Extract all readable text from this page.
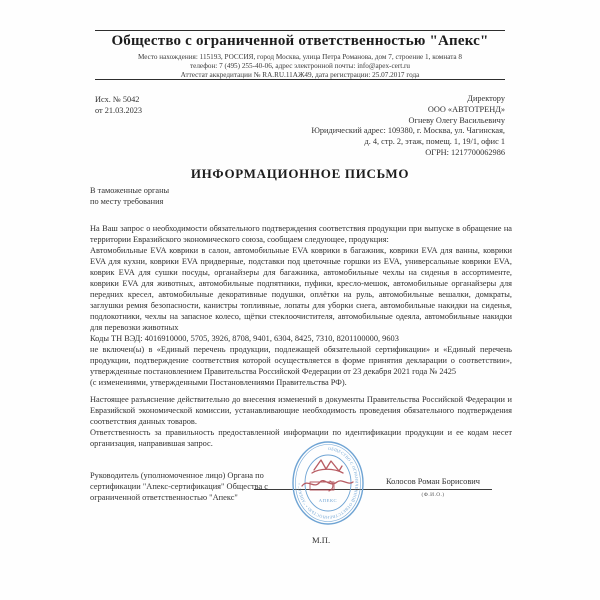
Общество с ограниченной ответственностью "Апекс"
Место нахождения: 115193, РОССИЯ, город Москва, улица Петра Романова, дом 7, строение 1, комната 8
телефон: 7 (495) 255-40-06, адрес электронной почты: info@apex-cert.ru
Аттестат аккредитации № RA.RU.11АЖ49, дата регистрации: 25.07.2017 года
Исх. № 5042
от 21.03.2023
Директору
ООО «АВТОТРЕНД»
Огневу Олегу Васильевичу
Юридический адрес: 109380, г. Москва, ул. Чагинская,
д. 4, стр. 2, этаж, помещ. 1, 19/1, офис 1
ОГРН: 1217700062986
ИНФОРМАЦИОННОЕ ПИСЬМО
В таможенные органы
по месту требования

На Ваш запрос о необходимости обязательного подтверждения соответствия продукции при выпуске в обращение на территории Евразийского экономического союза, сообщаем следующее, продукция:

Автомобильные EVA коврики в салон, автомобильные EVA коврики в багажник, коврики EVA для ванны, коврики EVA для кухни, коврики EVA придверные, подставки под цветочные горшки из EVA, универсальные коврики EVA, коврик EVA для сушки посуды, органайзеры для багажника, автомобильные чехлы на сиденья в ассортименте, коврики EVA для животных, автомобильные подпятники, пуфики, кресло-мешок, автомобильные органайзеры для передних кресел, автомобильные декоративные подушки, оплётки на руль, автомобильные вешалки, домкраты, заглушки ремня безопасности, канистры топливные, лопаты для уборки снега, автомобильные накидки на сиденья, подлокотники, чехлы на запасное колесо, щётки стеклоочистителя, автомобильные одеяла, автомобильные накидки для перевозки животных

Коды ТН ВЭД: 4016910000, 5705, 3926, 8708, 9401, 6304, 8425, 7310, 8201100000, 9603

не включен(ы) в «Единый перечень продукции, подлежащей обязательной сертификации» и «Единый перечень продукции, подтверждение соответствия которой осуществляется в форме принятия декларации о соответствии», утвержденные постановлением Правительства Российской Федерации от 23 декабря 2021 года № 2425

(с изменениями, утвержденными Постановлениями Правительства РФ).

Настоящее разъяснение действительно до внесения изменений в документы Правительства Российской Федерации и Евразийской экономической комиссии, устанавливающие необходимость проведения обязательного подтверждения соответствия данных товаров.

Ответственность за правильность предоставленной информации по идентификации продукции и ее кодам несет организация, направившая запрос.

Руководитель (уполномоченное лицо) Органа по сертификации "Апекс-сертификация" Общества с ограниченной ответственностью "Апекс"
ОБЩЕСТВО С ОГРАНИЧЕННОЙ ОТВЕТСТВЕННОСТЬЮ • "АПЕКС" •
АПЕКС
Колосов Роман Борисович
(Ф.И.О.)
М.П.
